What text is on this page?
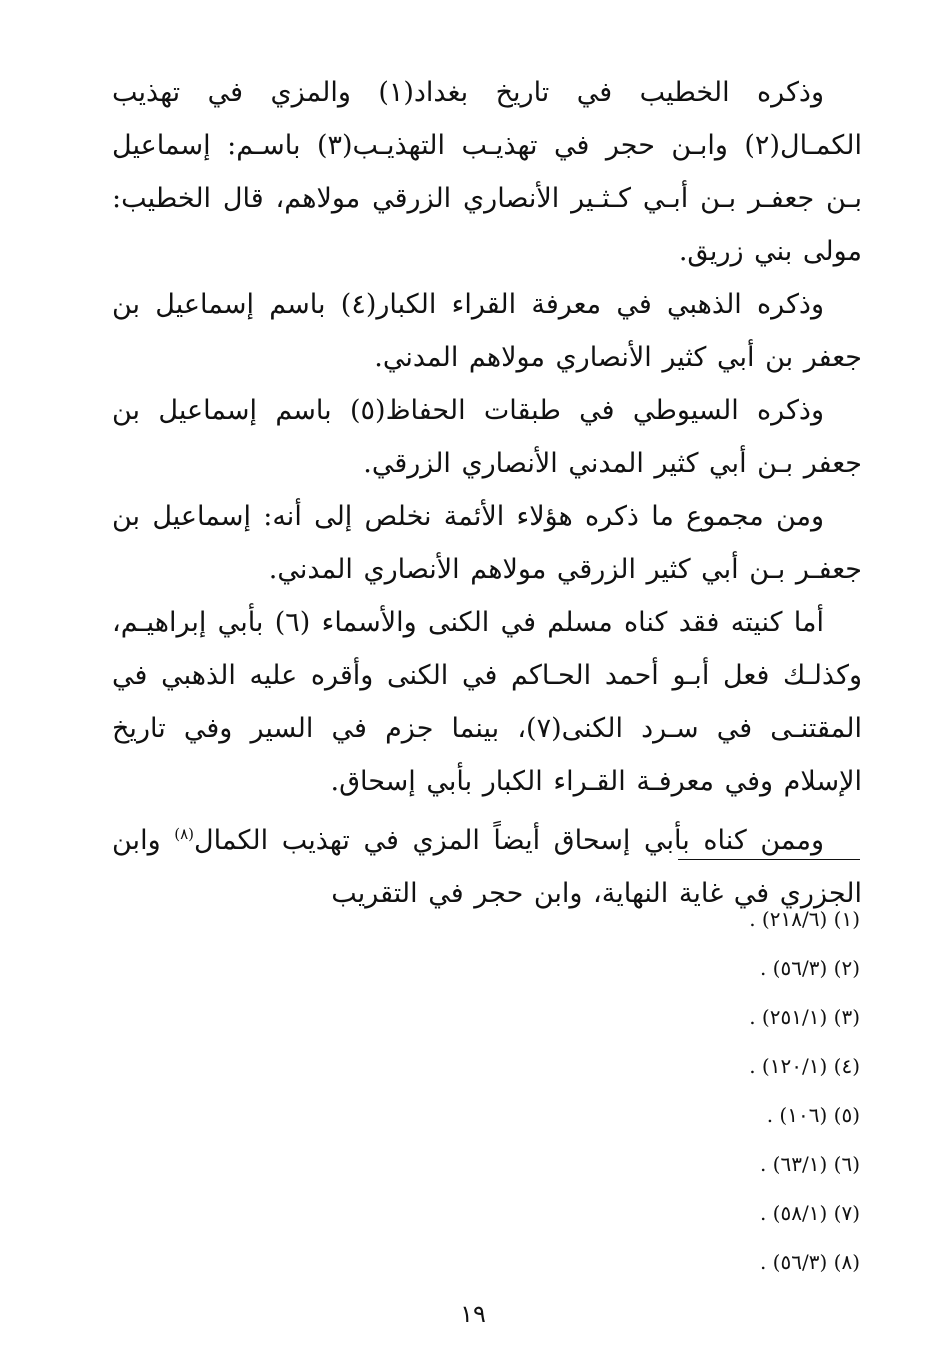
وذكره الخطيب في تاريخ بغداد(١) والمزي في تهذيب الكمـال(٢) وابـن حجر في تهذيـب التهذيـب(٣) باسـم: إسماعيل بـن جعفـر بـن أبـي كـثـير الأنصاري الزرقي مولاهم، قال الخطيب: مولى بني زريق.

وذكره الذهبي في معرفة القراء الكبار(٤) باسم إسماعيل بن جعفر بن أبي كثير الأنصاري مولاهم المدني.

وذكره السيوطي في طبقات الحفاظ(٥) باسم إسماعيل بن جعفر بـن أبي كثير المدني الأنصاري الزرقي.

ومن مجموع ما ذكره هؤلاء الأئمة نخلص إلى أنه: إسماعيل بن جعفـر بـن أبي كثير الزرقي مولاهم الأنصاري المدني.

أما كنيته فقد كناه مسلم في الكنى والأسماء (٦) بأبي إبراهيـم، وكذلـك فعل أبـو أحمد الحـاكم في الكنى وأقره عليه الذهبي في المقتنـى في سـرد الكنى(٧)، بينما جزم في السير وفي تاريخ الإسلام وفي معرفـة القـراء الكبار بأبي إسحاق.

وممن كناه بأبي إسحاق أيضاً المزي في تهذيب الكمال$^{(٨)}$ وابن الجزري في غاية النهاية، وابن حجر في التقريب

(١) (٢١٨/٦) .
(٢) (٥٦/٣) .
(٣) (٢٥١/١) .
(٤) (١٢٠/١) .
(٥) (١٠٦) .
(٦) (٦٣/١) .
(٧) (٥٨/١) .
(٨) (٥٦/٣) .
١٩
